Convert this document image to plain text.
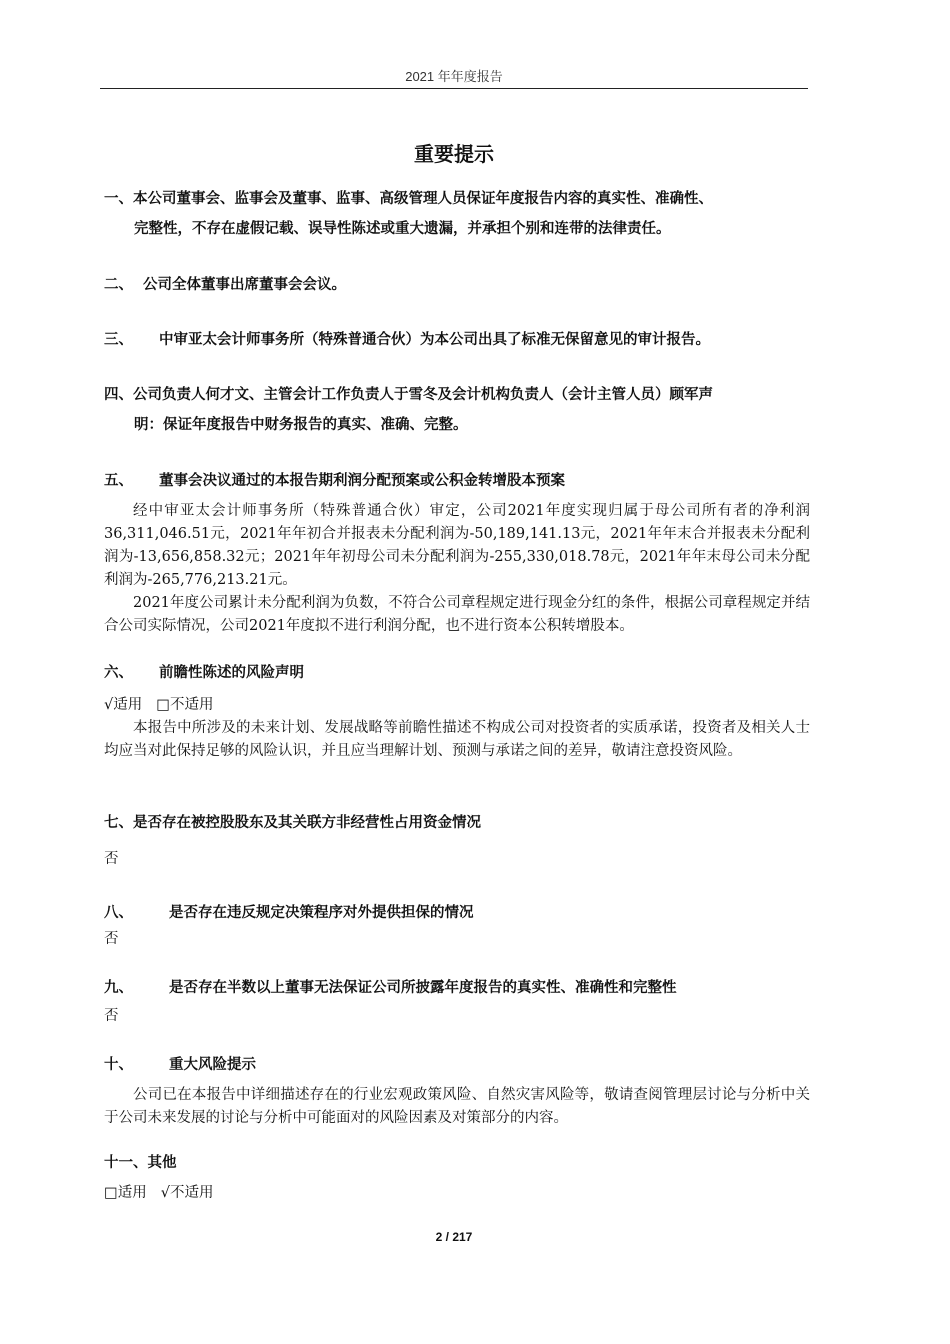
2021 年年度报告
重要提示
一、本公司董事会、监事会及董事、监事、高级管理人员保证年度报告内容的真实性、准确性、
完整性，不存在虚假记载、误导性陈述或重大遗漏，并承担个别和连带的法律责任。
二、 公司全体董事出席董事会会议。
三、 中审亚太会计师事务所（特殊普通合伙）为本公司出具了标准无保留意见的审计报告。
四、公司负责人何才文、主管会计工作负责人于雪冬及会计机构负责人（会计主管人员）顾军声
明：保证年度报告中财务报告的真实、准确、完整。
五、 董事会决议通过的本报告期利润分配预案或公积金转增股本预案

经中审亚太会计师事务所（特殊普通合伙）审定，公司2021年度实现归属于母公司所有者的净利润36,311,046.51元，2021年年初合并报表未分配利润为-50,189,141.13元，2021年年末合并报表未分配利润为-13,656,858.32元；2021年年初母公司未分配利润为-255,330,018.78元，2021年年末母公司未分配利润为-265,776,213.21元。

2021年度公司累计未分配利润为负数，不符合公司章程规定进行现金分红的条件，根据公司章程规定并结合公司实际情况，公司2021年度拟不进行利润分配，也不进行资本公积转增股本。

六、 前瞻性陈述的风险声明

√适用 □不适用

本报告中所涉及的未来计划、发展战略等前瞻性描述不构成公司对投资者的实质承诺，投资者及相关人士均应当对此保持足够的风险认识，并且应当理解计划、预测与承诺之间的差异，敬请注意投资风险。

七、是否存在被控股股东及其关联方非经营性占用资金情况

否

八、 是否存在违反规定决策程序对外提供担保的情况

否

九、 是否存在半数以上董事无法保证公司所披露年度报告的真实性、准确性和完整性

否

十、 重大风险提示

公司已在本报告中详细描述存在的行业宏观政策风险、自然灾害风险等，敬请查阅管理层讨论与分析中关于公司未来发展的讨论与分析中可能面对的风险因素及对策部分的内容。

十一、其他

□适用 √不适用

2 / 217
